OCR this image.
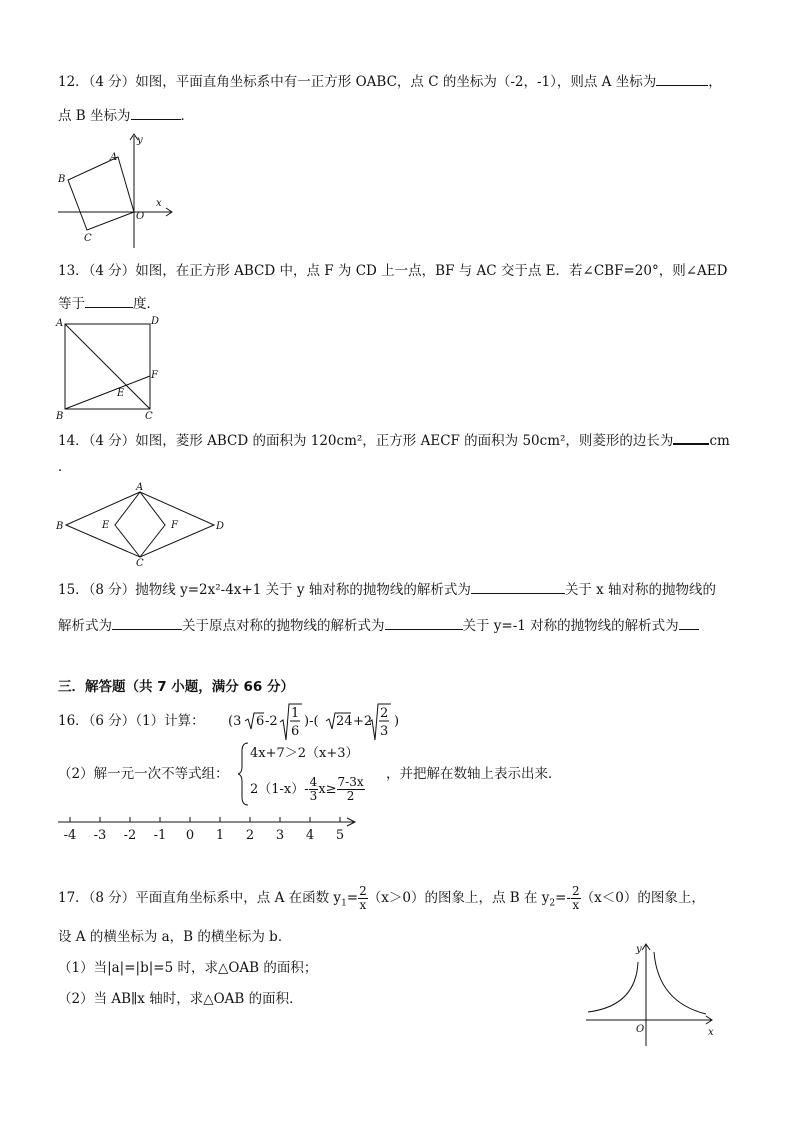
12．（4 分）如图，平面直角坐标系中有一正方形 OABC，点 C 的坐标为（-2，-1），则点 A 坐标为	，
点 B 坐标为	．
B
A
O
C
x
y
13．（4 分）如图，在正方形 ABCD 中，点 F 为 CD 上一点，BF 与 AC 交于点 E．若∠CBF=20°，则∠AED
等于	度．
A	D
F
E
B	C
14．（4 分）如图，菱形 ABCD 的面积为 120cm²，正方形 AECF 的面积为 50cm²，则菱形的边长为	cm
．
A
B	E	F	D
C
15．（8 分）抛物线 y=2x²-4x+1 关于 y 轴对称的抛物线的解析式为	关于 x 轴对称的抛物线的
解析式为	关于原点对称的抛物线的解析式为	关于 y=-1 对称的抛物线的解析式为
三．解答题（共 7 小题，满分 66 分）
16．（6 分）（1）计算： (3 6 -2
1
6
)-( 24 +2
2
3
)
（2）解一元一次不等式组：
4x+7＞2（x+3）
$2(1-x)- \frac{4}{3} x\ge \frac{7-3x}{2}$
，并把解在数轴上表示出来．
-4 -3 -2 -1 0 1 2 3 4 5
17．（8 分）平面直角坐标系中，点 A 在函数 $y_1= \frac{2}{x} (x>0)$的图象上，点 B 在 $y_2=- \frac{2}{x} (x<0)$的图象上，
设 A 的横坐标为 a，B 的横坐标为 b．
（1）当|a|=|b|=5 时，求△OAB 的面积；
（2）当 AB∥x 轴时，求△OAB 的面积．
y
x
O
